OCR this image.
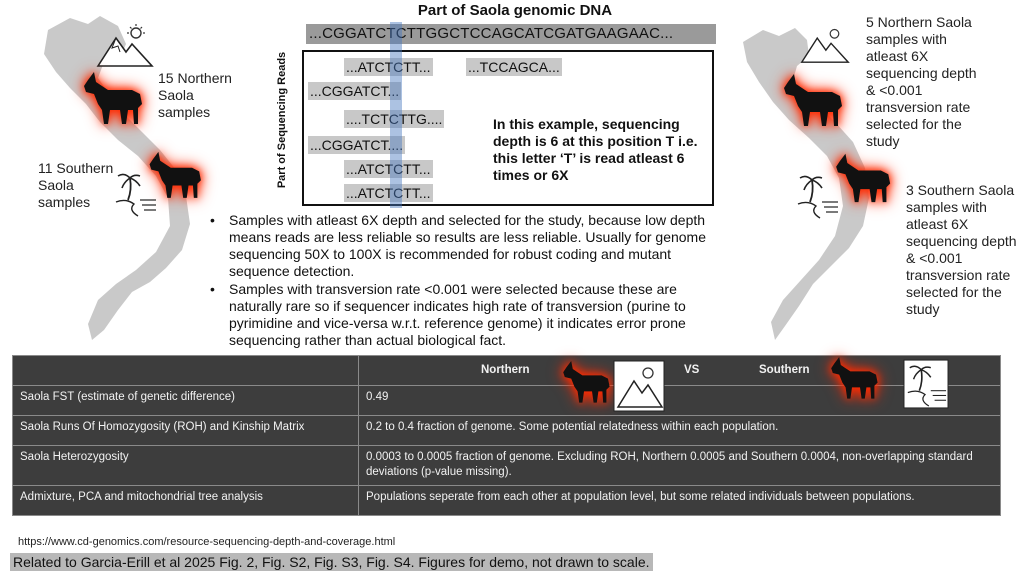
15 Northern Saola samples
11 Southern Saola samples
Part of Saola genomic DNA
...CGGATCTCTTGGCTCCAGCATCGATGAAGAAC...
...ATCTCTT...	...TCCAGCA...
...CGGATCT...
....TCTCTTG....
...CGGATCT....
...ATCTCTT...
...ATCTCTT...
Part of Sequencing Reads	In this example, sequencing depth is 6 at this position T i.e. this letter ‘T’ is read atleast 6 times or 6X
• Samples with atleast 6X depth and selected for the study, because low depth means reads are less reliable so results are less reliable. Usually for genome sequencing 50X to 100X is recommended for robust coding and mutant sequence detection.
• Samples with transversion rate <0.001 were selected because these are naturally rare so if sequencer indicates high rate of transversion (purine to pyrimidine and vice-versa w.r.t. reference genome) it indicates error prone sequencing rather than actual biological fact.
5 Northern Saola samples with atleast 6X sequencing depth & <0.001 transversion rate selected for the study
3 Southern Saola samples with atleast 6X sequencing depth & <0.001 transversion rate selected for the study

	Northern VS Southern

Saola FST (estimate of genetic difference)	0.49
Saola Runs Of Homozygosity (ROH) and Kinship Matrix	0.2 to 0.4 fraction of genome. Some potential relatedness within each population.
Saola Heterozygosity	0.0003 to 0.0005 fraction of genome. Excluding ROH, Northern 0.0005 and Southern 0.0004, non-overlapping standard deviations (p-value missing).
Admixture, PCA and mitochondrial tree analysis	Populations seperate from each other at population level, but some related individuals between populations.
https://www.cd-genomics.com/resource-sequencing-depth-and-coverage.html
Related to Garcia-Erill et al 2025 Fig. 2, Fig. S2, Fig. S3, Fig. S4. Figures for demo, not drawn to scale.
